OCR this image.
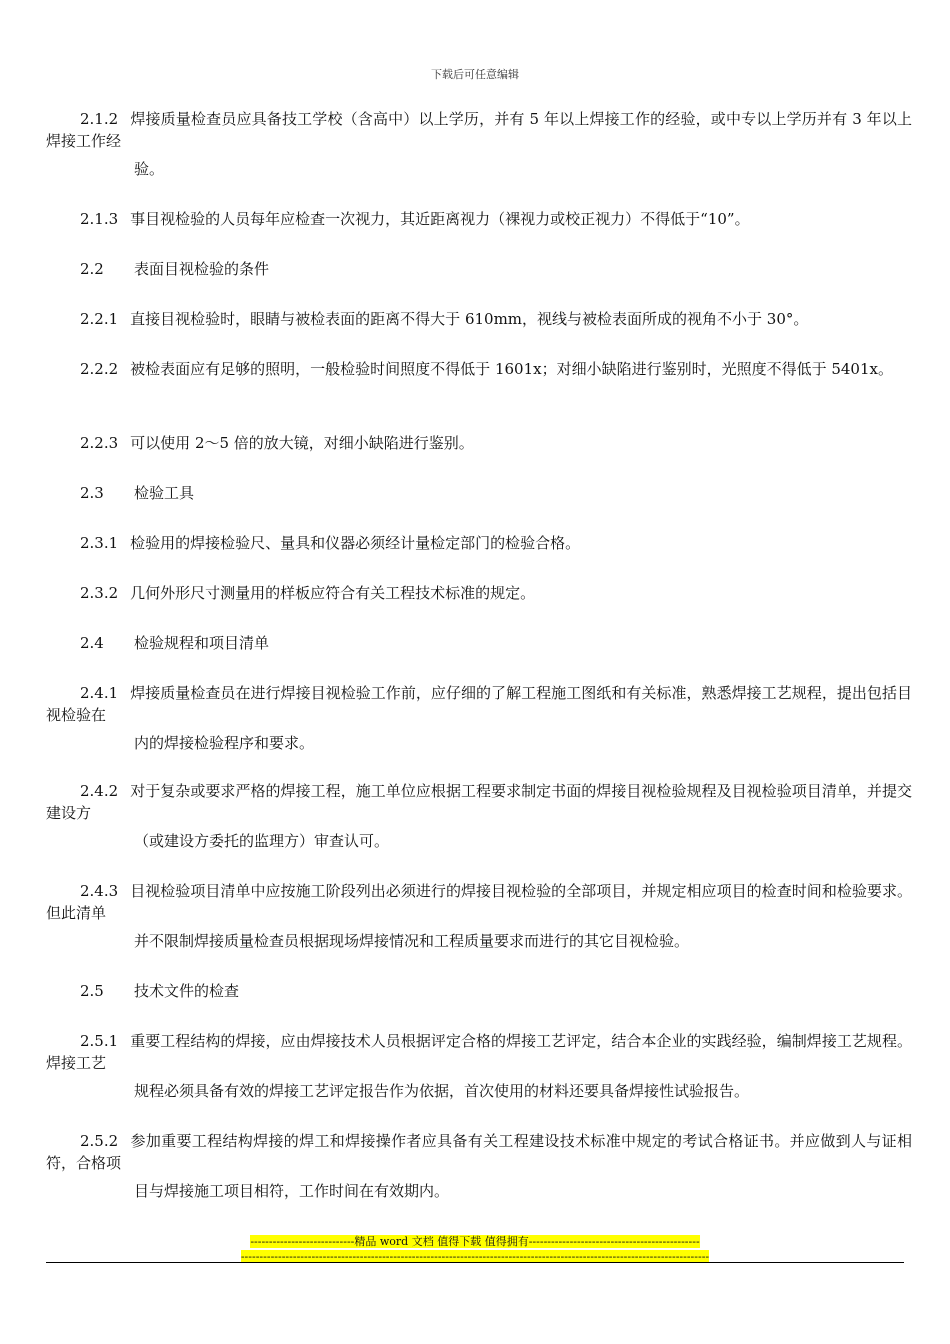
下载后可任意编辑
2.1.2 焊接质量检查员应具备技工学校（含高中）以上学历，并有 5 年以上焊接工作的经验，或中专以上学历并有 3 年以上焊接工作经
验。
2.1.3 事目视检验的人员每年应检查一次视力，其近距离视力（裸视力或校正视力）不得低于“10”。
2.2 表面目视检验的条件
2.2.1 直接目视检验时，眼睛与被检表面的距离不得大于 610mm，视线与被检表面所成的视角不小于 30°。
2.2.2 被检表面应有足够的照明，一般检验时间照度不得低于 1601x；对细小缺陷进行鉴别时，光照度不得低于 5401x。
2.2.3 可以使用 2～5 倍的放大镜，对细小缺陷进行鉴别。
2.3 检验工具
2.3.1 检验用的焊接检验尺、量具和仪器必须经计量检定部门的检验合格。
2.3.2 几何外形尺寸测量用的样板应符合有关工程技术标准的规定。
2.4 检验规程和项目清单
2.4.1 焊接质量检查员在进行焊接目视检验工作前，应仔细的了解工程施工图纸和有关标准，熟悉焊接工艺规程，提出包括目视检验在
内的焊接检验程序和要求。
2.4.2 对于复杂或要求严格的焊接工程，施工单位应根据工程要求制定书面的焊接目视检验规程及目视检验项目清单，并提交建设方
（或建设方委托的监理方）审查认可。
2.4.3 目视检验项目清单中应按施工阶段列出必须进行的焊接目视检验的全部项目，并规定相应项目的检查时间和检验要求。但此清单
并不限制焊接质量检查员根据现场焊接情况和工程质量要求而进行的其它目视检验。
2.5 技术文件的检查
2.5.1 重要工程结构的焊接，应由焊接技术人员根据评定合格的焊接工艺评定，结合本企业的实践经验，编制焊接工艺规程。焊接工艺
规程必须具备有效的焊接工艺评定报告作为依据，首次使用的材料还要具备焊接性试验报告。
2.5.2 参加重要工程结构焊接的焊工和焊接操作者应具备有关工程建设技术标准中规定的考试合格证书。并应做到人与证相符，合格项
目与焊接施工项目相符，工作时间在有效期内。
----------------------------精品 word 文档 值得下载 值得拥有----------------------------------------------
------------------------------------------------------------------------------------------------------------------------------
